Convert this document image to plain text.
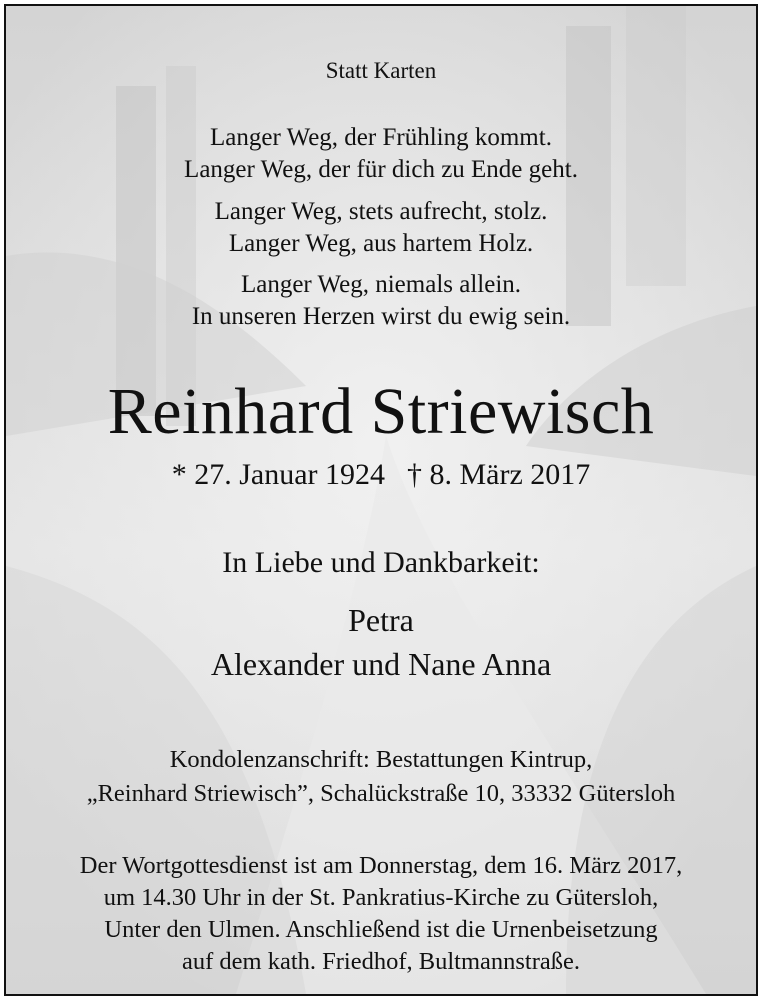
Statt Karten
Langer Weg, der Frühling kommt.
Langer Weg, der für dich zu Ende geht.
Langer Weg, stets aufrecht, stolz.
Langer Weg, aus hartem Holz.
Langer Weg, niemals allein.
In unseren Herzen wirst du ewig sein.
Reinhard Striewisch
* 27. Januar 1924 † 8. März 2017
In Liebe und Dankbarkeit:
Petra
Alexander und Nane Anna
Kondolenzanschrift: Bestattungen Kintrup,
„Reinhard Striewisch”, Schalückstraße 10, 33332 Gütersloh
Der Wortgottesdienst ist am Donnerstag, dem 16. März 2017,
um 14.30 Uhr in der St. Pankratius-Kirche zu Gütersloh,
Unter den Ulmen. Anschließend ist die Urnenbeisetzung
auf dem kath. Friedhof, Bultmannstraße.
